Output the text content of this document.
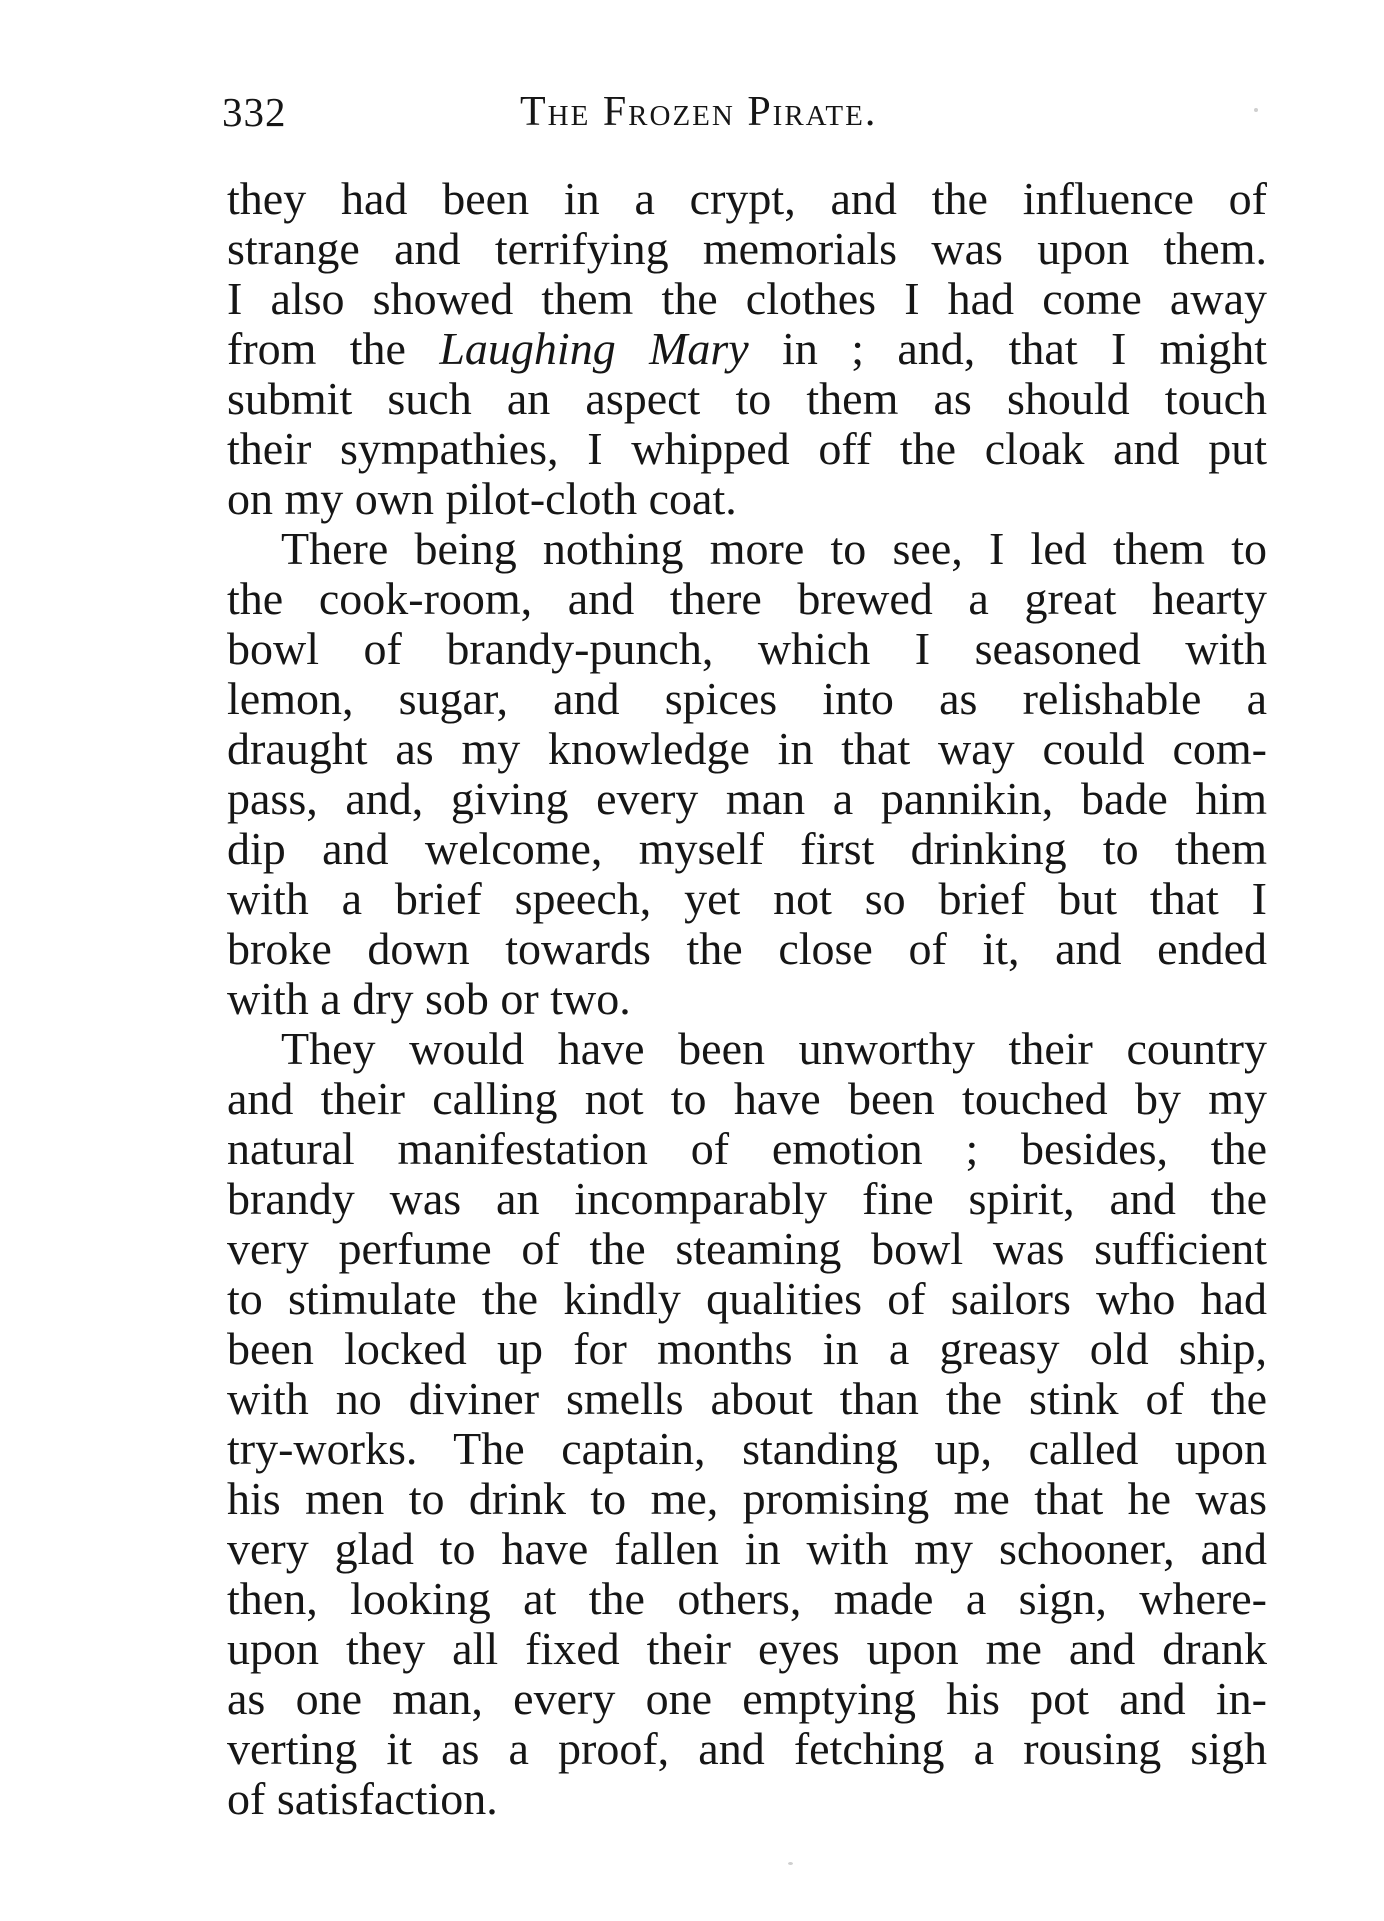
332	The Frozen Pirate.
they had been in a crypt, and the influence of
strange and terrifying memorials was upon them.
I also showed them the clothes I had come away
from the Laughing Mary in ; and, that I might
submit such an aspect to them as should touch
their sympathies, I whipped off the cloak and put
on my own pilot-cloth coat.
There being nothing more to see, I led them to
the cook-room, and there brewed a great hearty
bowl of brandy-punch, which I seasoned with
lemon, sugar, and spices into as relishable a
draught as my knowledge in that way could com-
pass, and, giving every man a pannikin, bade him
dip and welcome, myself first drinking to them
with a brief speech, yet not so brief but that I
broke down towards the close of it, and ended
with a dry sob or two.
They would have been unworthy their country
and their calling not to have been touched by my
natural manifestation of emotion ; besides, the
brandy was an incomparably fine spirit, and the
very perfume of the steaming bowl was sufficient
to stimulate the kindly qualities of sailors who had
been locked up for months in a greasy old ship,
with no diviner smells about than the stink of the
try-works. The captain, standing up, called upon
his men to drink to me, promising me that he was
very glad to have fallen in with my schooner, and
then, looking at the others, made a sign, where-
upon they all fixed their eyes upon me and drank
as one man, every one emptying his pot and in-
verting it as a proof, and fetching a rousing sigh
of satisfaction.
